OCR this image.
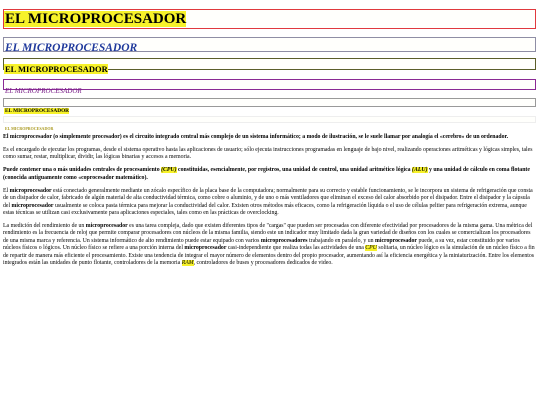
EL MICROPROCESADOR
EL MICROPROCESADOR
EL MICROPROCESADOR
EL MICROPROCESADOR
EL MICROPROCESADOR
EL MICROPROCESADOR

El microprocesador (o simplemente procesador) es el circuito integrado central más complejo de un sistema informático; a modo de ilustración, se le suele llamar por analogía el «cerebro» de un ordenador.

Es el encargado de ejecutar los programas, desde el sistema operativo hasta las aplicaciones de usuario; sólo ejecuta instrucciones programadas en lenguaje de bajo nivel, realizando operaciones aritméticas y lógicas simples, tales como sumar, restar, multiplicar, dividir, las lógicas binarias y accesos a memoria.

Puede contener una o más unidades centrales de procesamiento (CPU) constituidas, esencialmente, por registros, una unidad de control, una unidad aritmético lógica (ALU) y una unidad de cálculo en coma flotante (conocida antiguamente como «coprocesador matemático).

El microprocesador está conectado generalmente mediante un zócalo específico de la placa base de la computadora; normalmente para su correcto y estable funcionamiento, se le incorpora un sistema de refrigeración que consta de un disipador de calor, fabricado de algún material de alta conductividad térmica, como cobre o aluminio, y de uno o más ventiladores que eliminan el exceso del calor absorbido por el disipador. Entre el disipador y la cápsula del microprocesador usualmente se coloca pasta térmica para mejorar la conductividad del calor. Existen otros métodos más eficaces, como la refrigeración líquida o el uso de células peltier para refrigeración extrema, aunque estas técnicas se utilizan casi exclusivamente para aplicaciones especiales, tales como en las prácticas de overclocking.

La medición del rendimiento de un microprocesador es una tarea compleja, dado que existen diferentes tipos de "cargas" que pueden ser procesadas con diferente efectividad por procesadores de la misma gama. Una métrica del rendimiento es la frecuencia de reloj que permite comparar procesadores con núcleos de la misma familia, siendo este un indicador muy limitado dada la gran variedad de diseños con los cuales se comercializan los procesadores de una misma marca y referencia. Un sistema informático de alto rendimiento puede estar equipado con varios microprocesadores trabajando en paralelo, y un microprocesador puede, a su vez, estar constituido por varios núcleos físicos o lógicos. Un núcleo físico se refiere a una porción interna del microprocesador casi-independiente que realiza todas las actividades de una CPU solitaria, un núcleo lógico es la simulación de un núcleo físico a fin de repartir de manera más eficiente el procesamiento. Existe una tendencia de integrar el mayor número de elementos dentro del propio procesador, aumentando así la eficiencia energética y la miniaturización. Entre los elementos integrados están las unidades de punto flotante, controladores de la memoria RAM, controladores de buses y procesadores dedicados de video.
